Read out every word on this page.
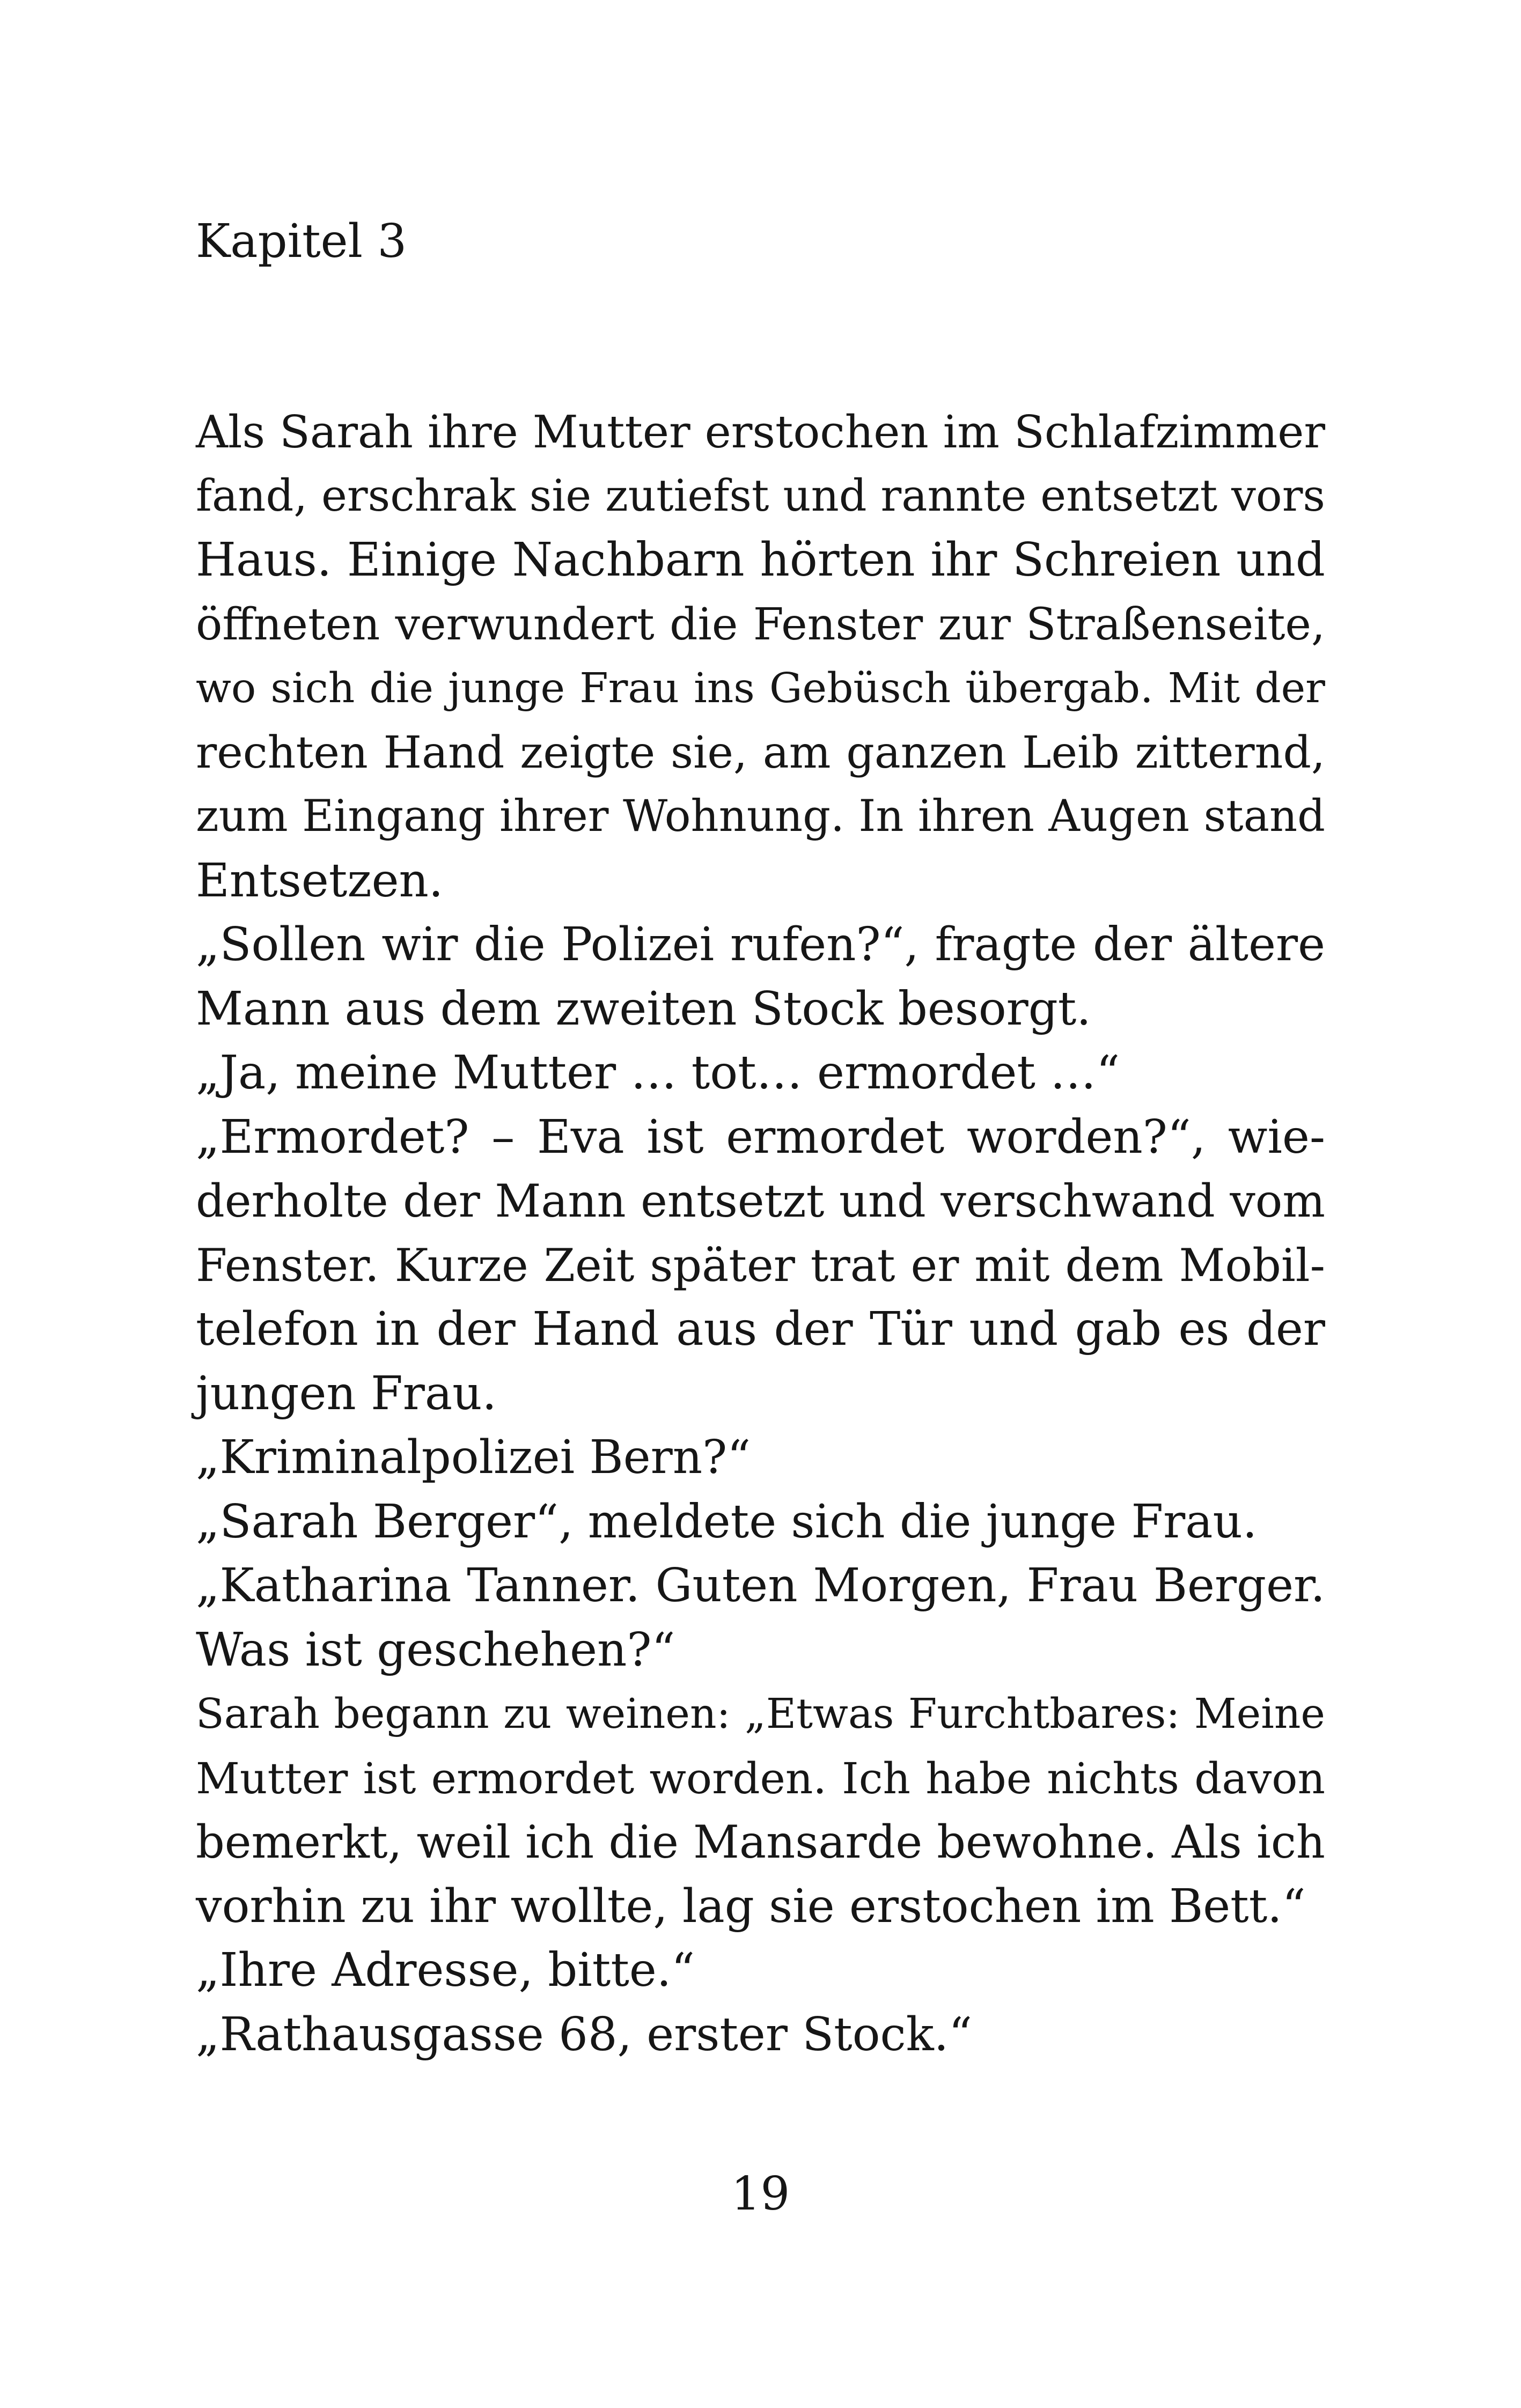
Kapitel 3
Als Sarah ihre Mutter erstochen im Schlafzimmer
fand, erschrak sie zutiefst und rannte entsetzt vors
Haus. Einige Nachbarn hörten ihr Schreien und
öffneten verwundert die Fenster zur Straßenseite,
wo sich die junge Frau ins Gebüsch übergab. Mit der
rechten Hand zeigte sie, am ganzen Leib zitternd,
zum Eingang ihrer Wohnung. In ihren Augen stand
Entsetzen.
„Sollen wir die Polizei rufen?“, fragte der ältere
Mann aus dem zweiten Stock besorgt.
„Ja, meine Mutter … tot… ermordet …“
„Ermordet? – Eva ist ermordet worden?“, wie-
derholte der Mann entsetzt und verschwand vom
Fenster. Kurze Zeit später trat er mit dem Mobil-
telefon in der Hand aus der Tür und gab es der
jungen Frau.
„Kriminalpolizei Bern?“
„Sarah Berger“, meldete sich die junge Frau.
„Katharina Tanner. Guten Morgen, Frau Berger.
Was ist geschehen?“
Sarah begann zu weinen: „Etwas Furchtbares: Meine
Mutter ist ermordet worden. Ich habe nichts davon
bemerkt, weil ich die Mansarde bewohne. Als ich
vorhin zu ihr wollte, lag sie erstochen im Bett.“
„Ihre Adresse, bitte.“
„Rathausgasse 68, erster Stock.“
19
